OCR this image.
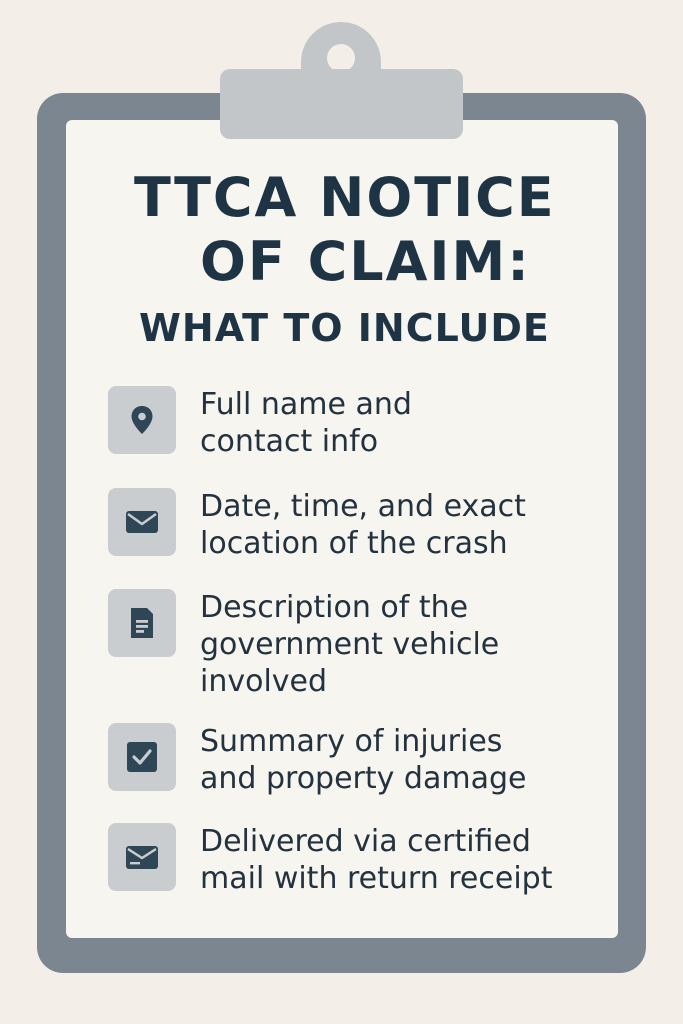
TTCA NOTICE
OF CLAIM:
WHAT TO INCLUDE
Full name and
contact info
Date, time, and exact
location of the crash
Description of the
government vehicle
involved
Summary of injuries
and property damage
Delivered via certified
mail with return receipt
